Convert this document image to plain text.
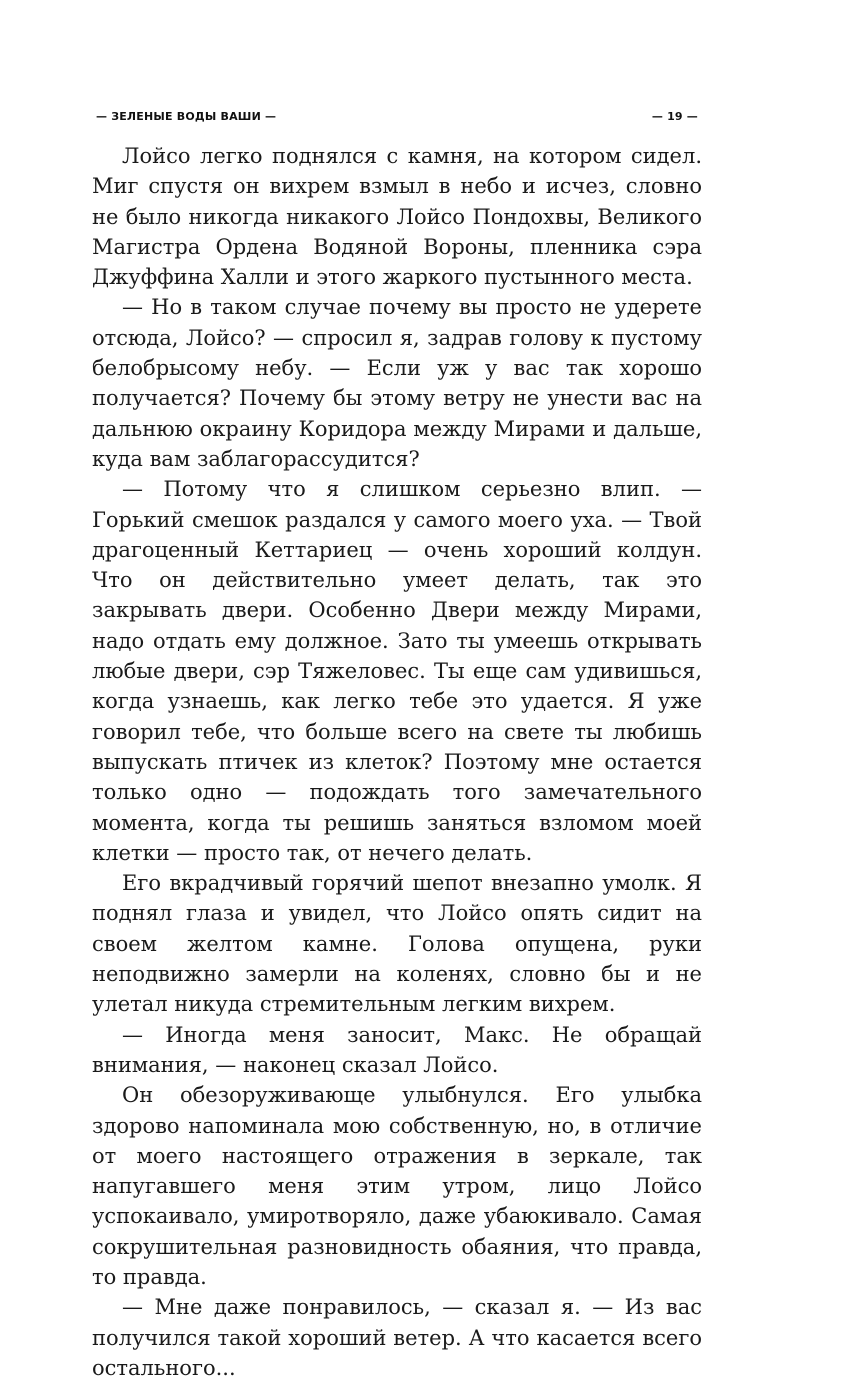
— ЗЕЛЕНЫЕ ВОДЫ ВАШИ —	— 19 —

Лойсо легко поднялся с камня, на котором сидел. Миг спустя он вихрем взмыл в небо и исчез, словно не было никогда никакого Лойсо Пондохвы, Великого Магистра Ордена Водяной Вороны, пленника сэра Джуффина Халли и этого жаркого пустынного места.

— Но в таком случае почему вы просто не удерете отсюда, Лойсо? — спросил я, задрав голову к пустому белобрысому небу. — Если уж у вас так хорошо получается? Почему бы этому ветру не унести вас на дальнюю окраину Коридора между Мирами и дальше, куда вам заблагорассудится?

— Потому что я слишком серьезно влип. — Горький смешок раздался у самого моего уха. — Твой драгоценный Кеттариец — очень хороший колдун. Что он действительно умеет делать, так это закрывать двери. Особенно Двери между Мирами, надо отдать ему должное. Зато ты умеешь открывать любые двери, сэр Тяжеловес. Ты еще сам удивишься, когда узнаешь, как легко тебе это удается. Я уже говорил тебе, что больше всего на свете ты любишь выпускать птичек из клеток? Поэтому мне остается только одно — подождать того замечательного момента, когда ты решишь заняться взломом моей клетки — просто так, от нечего делать.

Его вкрадчивый горячий шепот внезапно умолк. Я поднял глаза и увидел, что Лойсо опять сидит на своем желтом камне. Голова опущена, руки неподвижно замерли на коленях, словно бы и не улетал никуда стремительным легким вихрем.

— Иногда меня заносит, Макс. Не обращай внимания, — наконец сказал Лойсо.

Он обезоруживающе улыбнулся. Его улыбка здорово напоминала мою собственную, но, в отличие от моего настоящего отражения в зеркале, так напугавшего меня этим утром, лицо Лойсо успокаивало, умиротворяло, даже убаюкивало. Самая сокрушительная разновидность обаяния, что правда, то правда.

— Мне даже понравилось, — сказал я. — Из вас получился такой хороший ветер. А что касается всего остального...
